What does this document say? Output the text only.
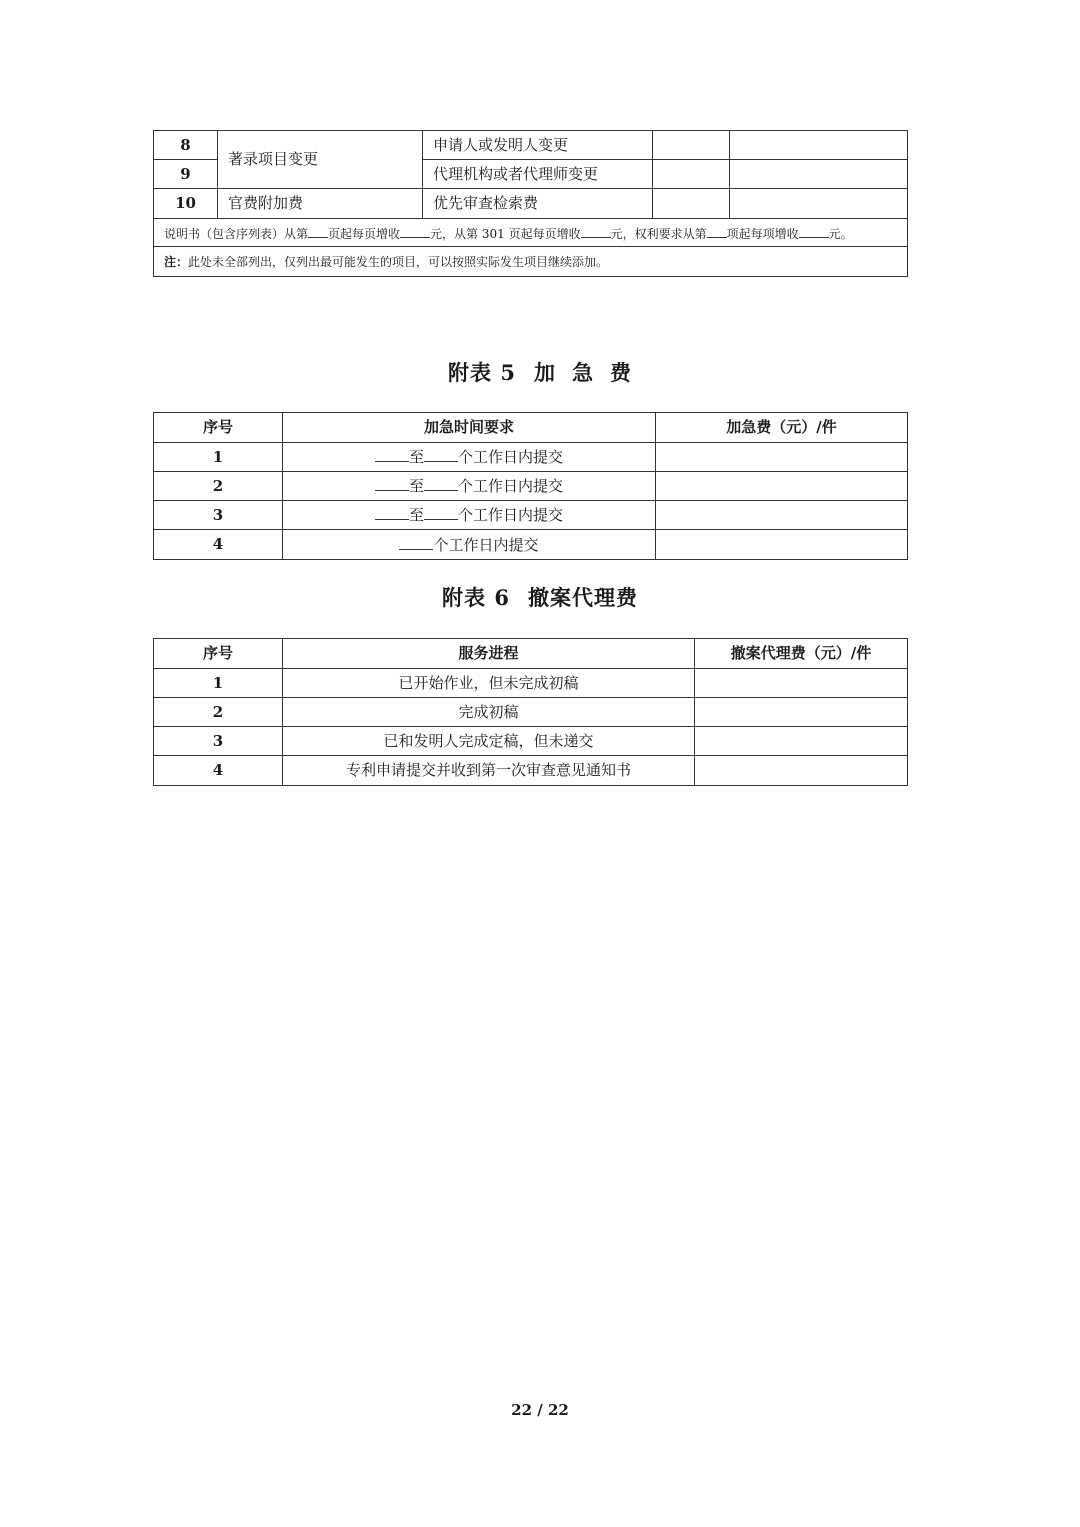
8	著录项目变更	申请人或发明人变更		
9		代理机构或者代理师变更		
10	官费附加费	优先审查检索费		
说明书（包含序列表）从第 页起每页增收 元，从第 301 页起每页增收 元，权利要求从第 项起每项增收 元。				
注：此处未全部列出，仅列出最可能发生的项目，可以按照实际发生项目继续添加。				
附表 5 加 急 费
序号	加急时间要求	加急费（元）/件
1	至 个工作日内提交	
2	至 个工作日内提交	
3	至 个工作日内提交	
4	个工作日内提交	
附表 6 撤案代理费
序号	服务进程	撤案代理费（元）/件
1	已开始作业，但未完成初稿	
2	完成初稿	
3	已和发明人完成定稿，但未递交	
4	专利申请提交并收到第一次审查意见通知书	
22 / 22
